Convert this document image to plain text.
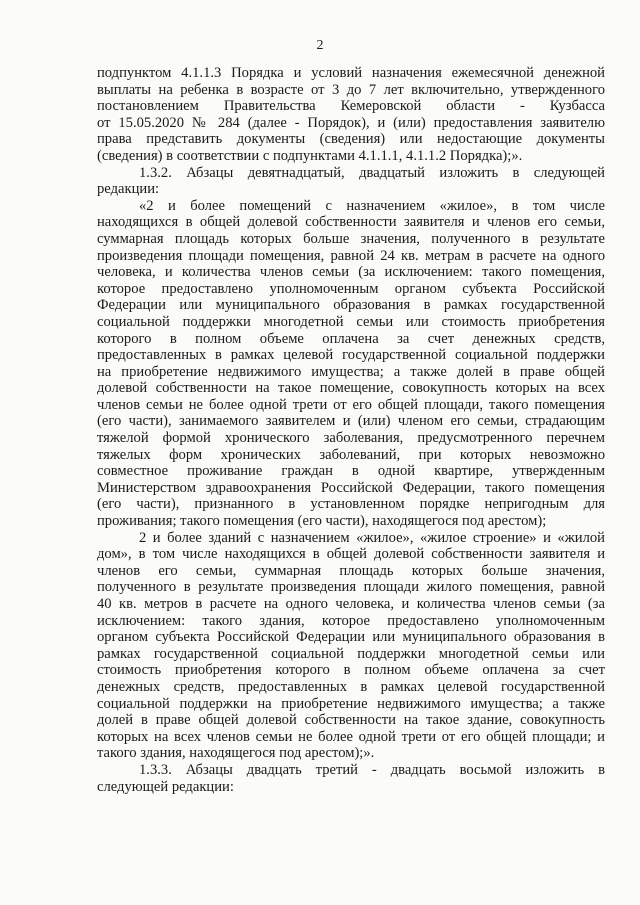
2

подпунктом 4.1.1.3 Порядка и условий назначения ежемесячной денежной
выплаты на ребенка в возрасте от 3 до 7 лет включительно, утвержденного
постановлением Правительства Кемеровской области - Кузбасса
от 15.05.2020 № 284 (далее - Порядок), и (или) предоставления заявителю
права представить документы (сведения) или недостающие документы
(сведения) в соответствии с подпунктами 4.1.1.1, 4.1.1.2 Порядка);».

1.3.2. Абзацы девятнадцатый, двадцатый изложить в следующей
редакции:

«2 и более помещений с назначением «жилое», в том числе
находящихся в общей долевой собственности заявителя и членов его семьи,
суммарная площадь которых больше значения, полученного в результате
произведения площади помещения, равной 24 кв. метрам в расчете на одного
человека, и количества членов семьи (за исключением: такого помещения,
которое предоставлено уполномоченным органом субъекта Российской
Федерации или муниципального образования в рамках государственной
социальной поддержки многодетной семьи или стоимость приобретения
которого в полном объеме оплачена за счет денежных средств,
предоставленных в рамках целевой государственной социальной поддержки
на приобретение недвижимого имущества; а также долей в праве общей
долевой собственности на такое помещение, совокупность которых на всех
членов семьи не более одной трети от его общей площади, такого помещения
(его части), занимаемого заявителем и (или) членом его семьи, страдающим
тяжелой формой хронического заболевания, предусмотренного перечнем
тяжелых форм хронических заболеваний, при которых невозможно
совместное проживание граждан в одной квартире, утвержденным
Министерством здравоохранения Российской Федерации, такого помещения
(его части), признанного в установленном порядке непригодным для
проживания; такого помещения (его части), находящегося под арестом);

2 и более зданий с назначением «жилое», «жилое строение» и «жилой
дом», в том числе находящихся в общей долевой собственности заявителя и
членов его семьи, суммарная площадь которых больше значения,
полученного в результате произведения площади жилого помещения, равной
40 кв. метров в расчете на одного человека, и количества членов семьи (за
исключением: такого здания, которое предоставлено уполномоченным
органом субъекта Российской Федерации или муниципального образования в
рамках государственной социальной поддержки многодетной семьи или
стоимость приобретения которого в полном объеме оплачена за счет
денежных средств, предоставленных в рамках целевой государственной
социальной поддержки на приобретение недвижимого имущества; а также
долей в праве общей долевой собственности на такое здание, совокупность
которых на всех членов семьи не более одной трети от его общей площади; и
такого здания, находящегося под арестом);».

1.3.3. Абзацы двадцать третий - двадцать восьмой изложить в
следующей редакции:
